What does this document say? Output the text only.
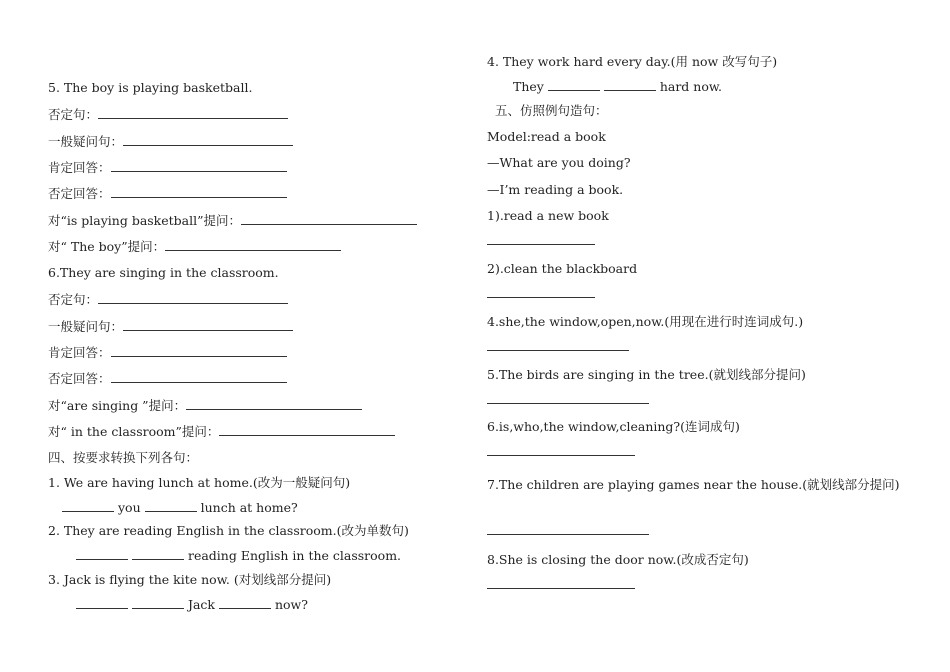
5. The boy is playing basketball.
否定句：
一般疑问句：
肯定回答：
否定回答：
对“is playing basketball”提问：
对“ The boy”提问：
6.They are singing in the classroom.
否定句：
一般疑问句：
肯定回答：
否定回答：
对“are singing ”提问：
对“ in the classroom”提问：
四、按要求转换下列各句：
1. We are having lunch at home.(改为一般疑问句)
you	lunch at home?
2. They are reading English in the classroom.(改为单数句)
reading English in the classroom.
3. Jack is flying the kite now. (对划线部分提问)
Jack	now?
4. They work hard every day.(用 now 改写句子)
They	hard now.
五、仿照例句造句：
Model:read a book
—What are you doing?
—I’m reading a book.
1).read a new book
2).clean the blackboard
4.she,the window,open,now.(用现在进行时连词成句.)
5.The birds are singing in the tree.(就划线部分提问)
6.is,who,the window,cleaning?(连词成句)
7.The children are playing games near the house.(就划线部分提问)
8.She is closing the door now.(改成否定句)
